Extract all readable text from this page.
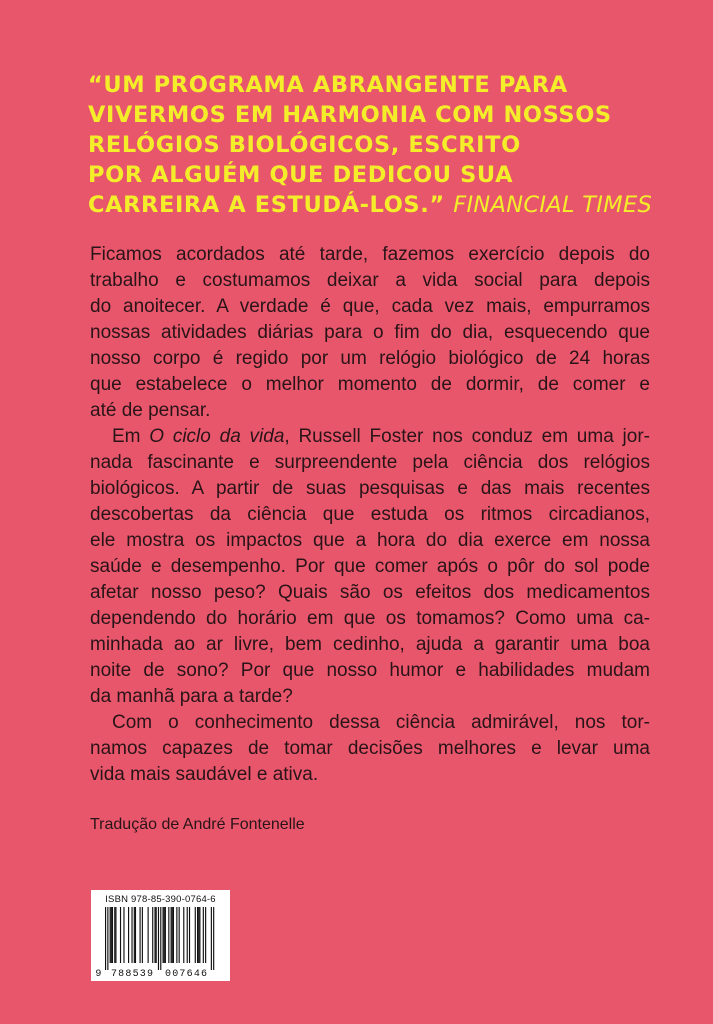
“UM PROGRAMA ABRANGENTE PARA
VIVERMOS EM HARMONIA COM NOSSOS
RELÓGIOS BIOLÓGICOS, ESCRITO
POR ALGUÉM QUE DEDICOU SUA
CARREIRA A ESTUDÁ-LOS.” FINANCIAL TIMES
Ficamos acordados até tarde, fazemos exercício depois do
trabalho e costumamos deixar a vida social para depois
do anoitecer. A verdade é que, cada vez mais, empurramos
nossas atividades diárias para o fim do dia, esquecendo que
nosso corpo é regido por um relógio biológico de 24 horas
que estabelece o melhor momento de dormir, de comer e
até de pensar.
Em O ciclo da vida, Russell Foster nos conduz em uma jor-
nada fascinante e surpreendente pela ciência dos relógios
biológicos. A partir de suas pesquisas e das mais recentes
descobertas da ciência que estuda os ritmos circadianos,
ele mostra os impactos que a hora do dia exerce em nossa
saúde e desempenho. Por que comer após o pôr do sol pode
afetar nosso peso? Quais são os efeitos dos medicamentos
dependendo do horário em que os tomamos? Como uma ca-
minhada ao ar livre, bem cedinho, ajuda a garantir uma boa
noite de sono? Por que nosso humor e habilidades mudam
da manhã para a tarde?
Com o conhecimento dessa ciência admirável, nos tor-
namos capazes de tomar decisões melhores e levar uma
vida mais saudável e ativa.
Tradução de André Fontenelle
ISBN 978-85-390-0764-6
9 788539 007646
